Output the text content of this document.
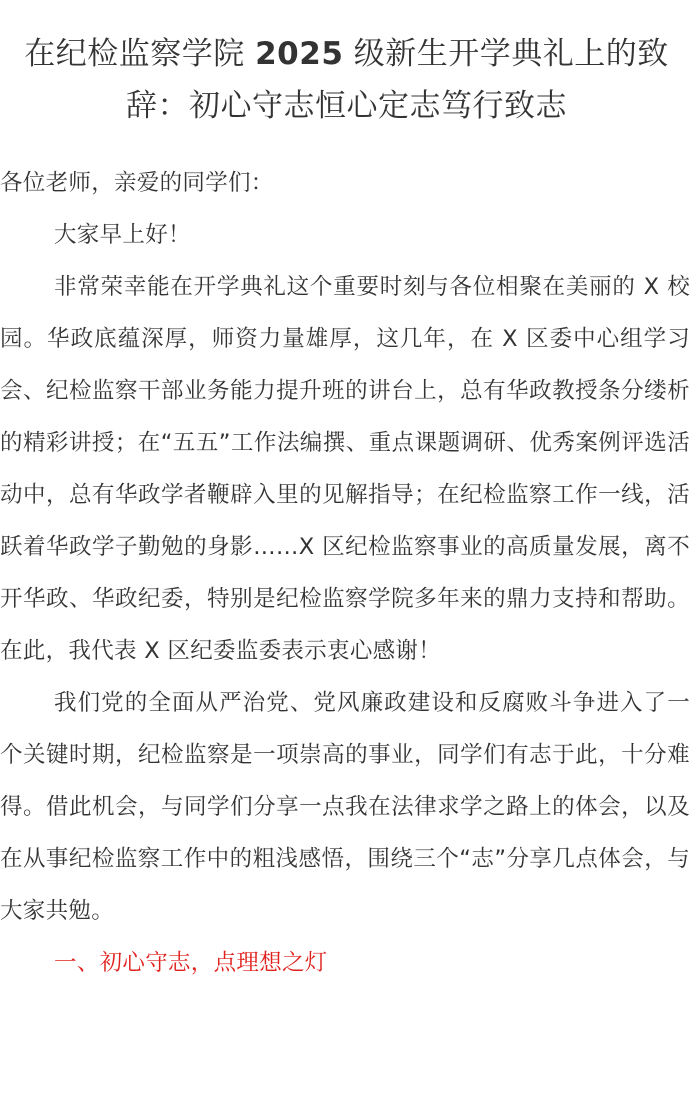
在纪检监察学院 2025 级新生开学典礼上的致辞：初心守志恒心定志笃行致志

各位老师，亲爱的同学们：

大家早上好！

非常荣幸能在开学典礼这个重要时刻与各位相聚在美丽的 X 校园。华政底蕴深厚，师资力量雄厚，这几年，在 X 区委中心组学习会、纪检监察干部业务能力提升班的讲台上，总有华政教授条分缕析的精彩讲授；在“五五”工作法编撰、重点课题调研、优秀案例评选活动中，总有华政学者鞭辟入里的见解指导；在纪检监察工作一线，活跃着华政学子勤勉的身影……X 区纪检监察事业的高质量发展，离不开华政、华政纪委，特别是纪检监察学院多年来的鼎力支持和帮助。在此，我代表 X 区纪委监委表示衷心感谢！

我们党的全面从严治党、党风廉政建设和反腐败斗争进入了一个关键时期，纪检监察是一项崇高的事业，同学们有志于此，十分难得。借此机会，与同学们分享一点我在法律求学之路上的体会，以及在从事纪检监察工作中的粗浅感悟，围绕三个“志”分享几点体会，与大家共勉。

一、初心守志，点理想之灯
